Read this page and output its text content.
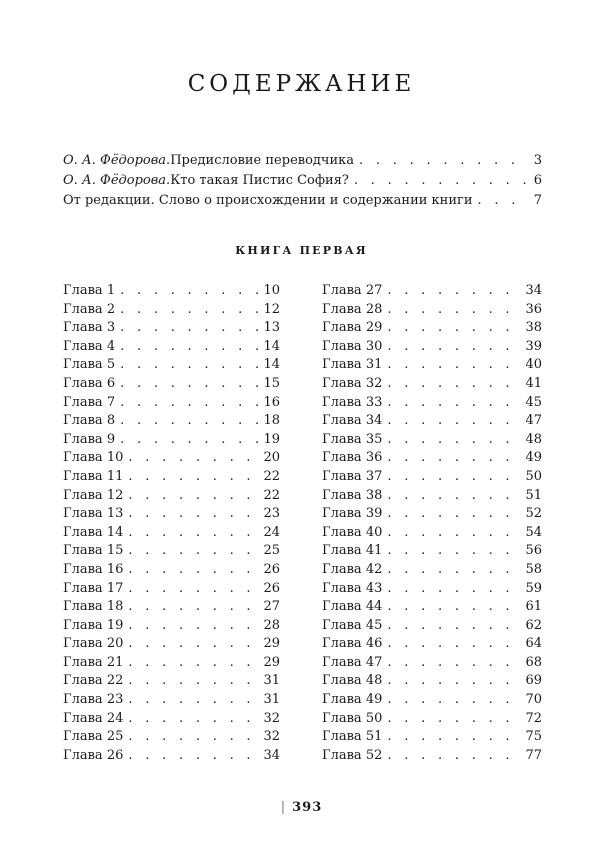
СОДЕРЖАНИЕ
О. А. Фёдорова. Предисловие переводчика . . .	3
О. А. Фёдорова. Кто такая Пистис София? . . .	6
От редакции. Слово о происхождении и содержании книги . . .	7
КНИГА ПЕРВАЯ
Глава 1 . . .	10
Глава 2 . . .	12
Глава 3 . . .	13
Глава 4 . . .	14
Глава 5 . . .	14
Глава 6 . . .	15
Глава 7 . . .	16
Глава 8 . . .	18
Глава 9 . . .	19
Глава 10 . . .	20
Глава 11 . . .	22
Глава 12 . . .	22
Глава 13 . . .	23
Глава 14 . . .	24
Глава 15 . . .	25
Глава 16 . . .	26
Глава 17 . . .	26
Глава 18 . . .	27
Глава 19 . . .	28
Глава 20 . . .	29
Глава 21 . . .	29
Глава 22 . . .	31
Глава 23 . . .	31
Глава 24 . . .	32
Глава 25 . . .	32
Глава 26 . . .	34
Глава 27 . . .	34
Глава 28 . . .	36
Глава 29 . . .	38
Глава 30 . . .	39
Глава 31 . . .	40
Глава 32 . . .	41
Глава 33 . . .	45
Глава 34 . . .	47
Глава 35 . . .	48
Глава 36 . . .	49
Глава 37 . . .	50
Глава 38 . . .	51
Глава 39 . . .	52
Глава 40 . . .	54
Глава 41 . . .	56
Глава 42 . . .	58
Глава 43 . . .	59
Глава 44 . . .	61
Глава 45 . . .	62
Глава 46 . . .	64
Глава 47 . . .	68
Глава 48 . . .	69
Глава 49 . . .	70
Глава 50 . . .	72
Глава 51 . . .	75
Глава 52 . . .	77
| 393
